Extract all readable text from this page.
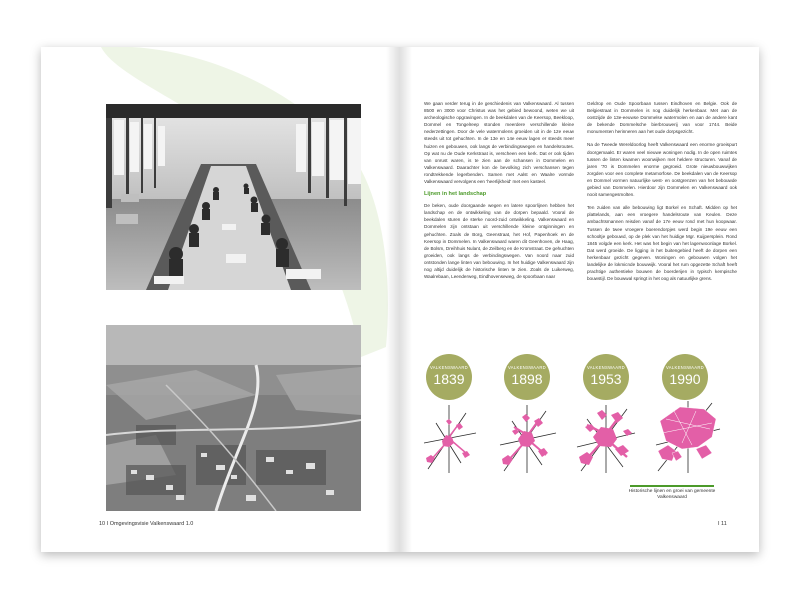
10 I Omgevingsvisie Valkenswaard 1.0

We gaan verder terug in de geschiedenis van Valkenswaard. Al tussen 8500 en 3000 voor Christus was het gebied bewoond, weten we uit archeologische opgravingen. In de beekdalen van de Keersop, Beekloop, Dommel en Tongelreep stonden meerdere verschillende kleine nederzettingen. Door de vele watermolens groeiden uit in de 12e eeuw steeds uit tot gehuchten. In de 13e en 14e eeuw lagen er steeds meer huizen en gebouwen, ook langs de verbindingswegen en handelsroutes. Op wat nu de Oude Kerkstraat is, verscheen een kerk. Dat er ook tijden van onrust waren, is te zien aan de schansen in Dommelen en Valkenswaard. Daarachter kon de bevolking zich verschansen tegen rondtrekkende legerbenden. Samen met Aalst en Waalre vormde Valkenswaard vervolgens een 'heerlijkheid' met een kasteel.

Lijnen in het landschap

De beken, oude doorgaande wegen en latere spoorlijnen hebben het landschap en de ontwikkeling van de dorpen bepaald. Vooral de beekdalen sturen de sterke noord-zuid ontwikkeling. Valkenswaard en Dommelen zijn ontstaan uit verschillende kleine ontginningen en gehuchten. Zoals de Borg, Geenstraat, het Hof, Papenhoek en de Keersop in Dommelen. In Valkenswaard waren dit Geenhoven, de Haag, de Bolsm, Dreihhuis Nulant, de Zeilberg en de Kromstraat. De gehuchten groeiden, ook langs de verbindingswegen. Van noord naar zuid ontstonden lange linten van bebouwing. In het huidige Valkenswaard zijn nog altijd duidelijk de historische linten te zien. Zoals de Luikerweg, Waalrebaan, Leenderweg, Eindhovenseweg, de spoorbaan naar

Geldrop en Oude Spoorbaan tussen Eindhoven en Belgie. Ook de Belgiestraat in Dommelen is nog duidelijk herkenbaar. Met aan de oostzijde de 13e-eeuwse Dommelse watermolen en aan de andere kant de bekende Dommelsche bierbrouwerij van voor 1744. Beide monumenten herinneren aan het oude dorpsgezicht.

Na de Tweede Wereldoorlog heeft Valkenswaard een enorme groeispurt doorgemaakt. Er waren veel nieuwe woningen nodig. In de open ruimtes tussen de linten kwamen woonwijken met heldere structuren. Vanaf de jaren '70 is Dommelen enorme gegroeid. Grote nieuwbouwwijken zorgden voor een complete metamorfose. De beekdalen van de Keersop en Dommel vormen natuurlijke west- en oostgrenzen van het bebouwde gebied van Dommelen. Hierdoor zijn Dommelen en Valkenswaard ook nooit samengesmolten.

Ten zuiden van alle bebouwing ligt Borkel en Schaft. Midden op het plattelands, aan een vroegere handelsroute van Keulen. Deze ambachtsmannen reisden vanaf de 17e eeuw rond met hun koopwaar. Tussen de twee vroegere boerendorpjes werd begin 19e eeuw een schooltje gebouwd, op de plek van het huidige Mgr. Kuijpersplein. Rond 1845 volgde een kerk. Het was het begin van het lagenwoonlage Borkel. Dat werd groeide. De ligging in het buitengebied heeft de dorpen een herkenbaar gezicht gegeven. Woningen en gebouwen volgen het landelijke de lokmicnde bouwwijk. Vooral het rum opgezette Schaft heeft prachtige authentieke bouwen de boerderijen in typisch kempische bouwstijl. De bouwwal springt in het oog als natuurlijke grens.

VALKENSWAARD
1839
VALKENSWAARD
1898
VALKENSWAARD
1953
VALKENSWAARD
1990
Historische lijnen en groei van gemeente Valkenswaard
I 11
